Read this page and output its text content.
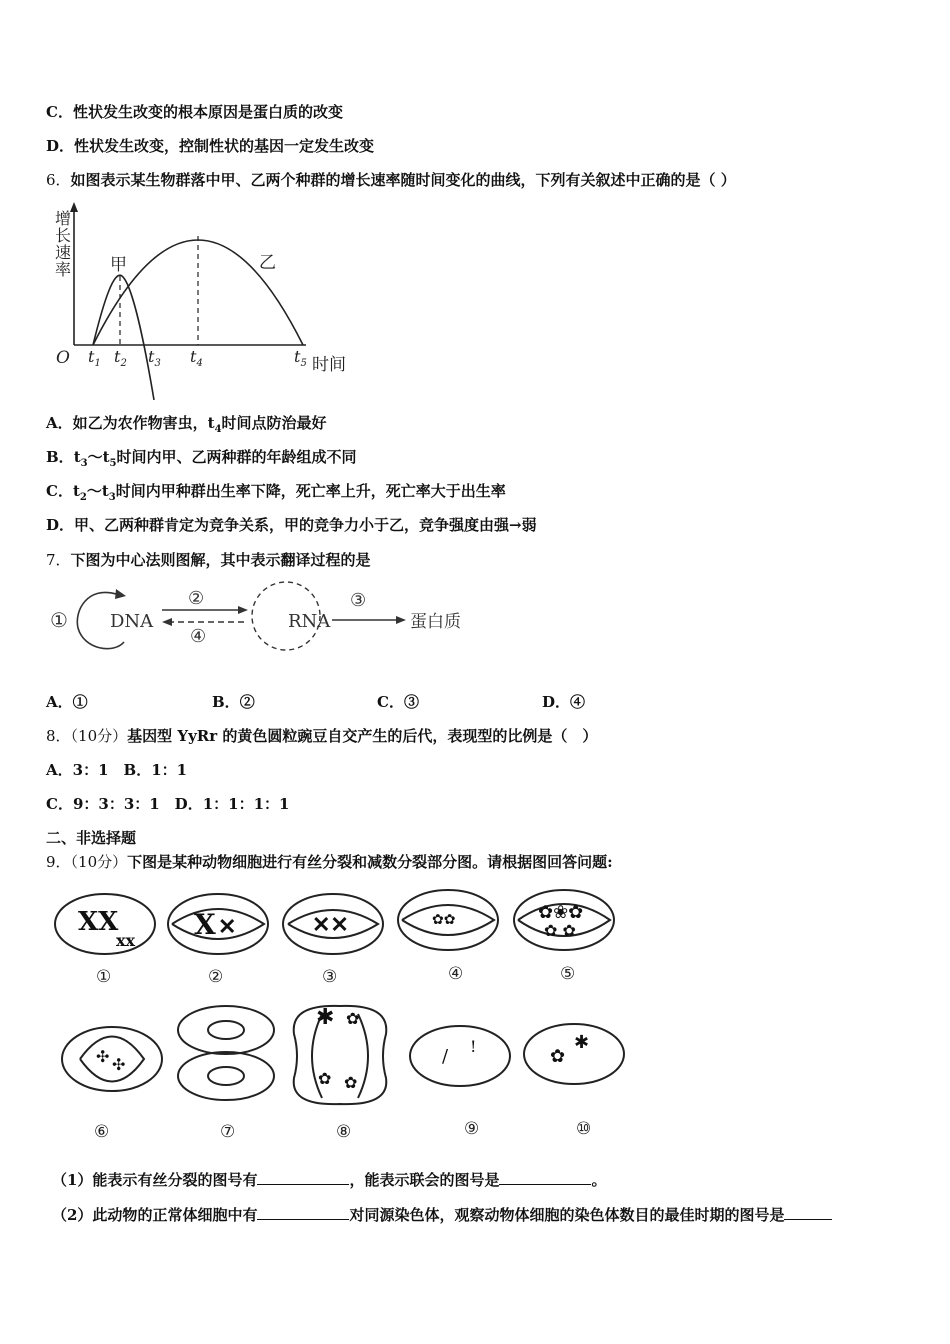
C．性状发生改变的根本原因是蛋白质的改变
D．性状发生改变，控制性状的基因一定发生改变
6．如图表示某生物群落中甲、乙两个种群的增长速率随时间变化的曲线，下列有关叙述中正确的是（ ）
增长速率 甲	乙
O $t_1$ $t_2$ $t_3$ $t_4$	$t_5$ 时间
A．如乙为农作物害虫，$t_4$时间点防治最好
B．$t_3\sim t_5$时间内甲、乙两种群的年龄组成不同
C．$t_2\sim t_3$时间内甲种群出生率下降，死亡率上升，死亡率大于出生率
D．甲、乙两种群肯定为竞争关系，甲的竞争力小于乙，竞争强度由强→弱
7．下图为中心法则图解，其中表示翻译过程的是
① DNA
②
④
RNA
③
蛋白质
A．①	B．②	C．③	D．④
8．（10分）基因型 YyRr 的黄色圆粒豌豆自交产生的后代，表现型的比例是（　）
A．3：1　B．1：1
C．9：3：3：1　D．1：1：1：1
二、非选择题
9．（10分）下图是某种动物细胞进行有丝分裂和减数分裂部分图。请根据图回答问题:
XX
xx X ✕	✕✕	✿✿	✿❀✿
✿ ✿
✣ ✣
✱ ✿
✿ ✿
/ !	✿
✱
①	②	③	④	⑤
⑥	⑦	⑧	⑨	⑩
（1）能表示有丝分裂的图号有	，能表示联会的图号是	。
（2）此动物的正常体细胞中有	对同源染色体，观察动物体细胞的染色体数目的最佳时期的图号是
